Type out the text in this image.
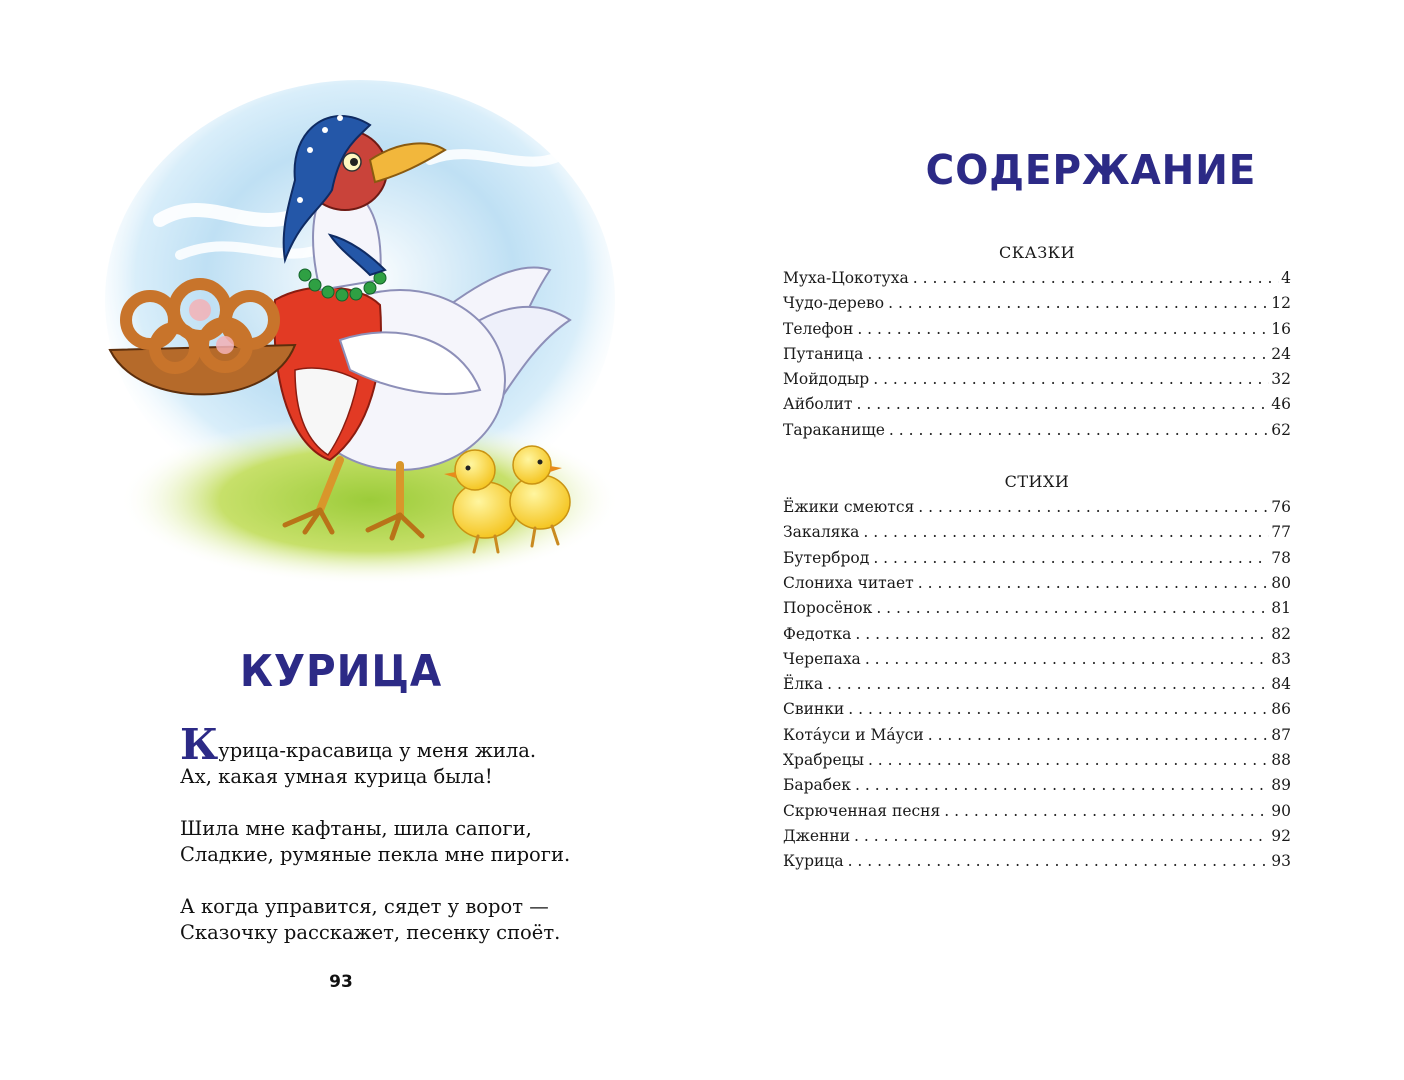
КУРИЦА
Курица-красавица у меня жила.
Ах, какая умная курица была!
Шила мне кафтаны, шила сапоги,
Сладкие, румяные пекла мне пироги.
А когда управится, сядет у ворот —
Сказочку расскажет, песенку споёт.
93
СОДЕРЖАНИЕ
СКАЗКИ
Муха-Цокотуха . . .	4
Чудо-дерево . . .	12
Телефон . . .	16
Путаница . . .	24
Мойдодыр . . .	32
Айболит . . .	46
Тараканище . . .	62
СТИХИ
Ёжики смеются . . .	76
Закаляка . . .	77
Бутерброд . . .	78
Слониха читает . . .	80
Поросёнок . . .	81
Федотка . . .	82
Черепаха . . .	83
Ёлка . . .	84
Свинки . . .	86
Котáуси и Мáуси . . .	87
Храбрецы . . .	88
Барабек . . .	89
Скрюченная песня . . .	90
Дженни . . .	92
Курица . . .	93
